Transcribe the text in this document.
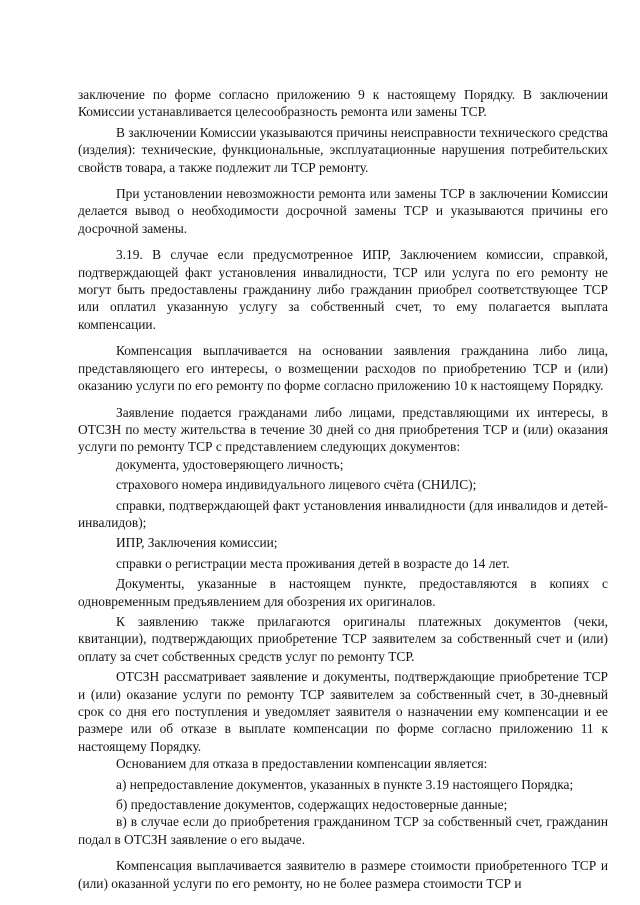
заключение по форме согласно приложению 9 к настоящему Порядку. В заключении Комиссии устанавливается целесообразность ремонта или замены ТСР.

В заключении Комиссии указываются причины неисправности технического средства (изделия): технические, функциональные, эксплуатационные нарушения потребительских свойств товара, а также подлежит ли ТСР ремонту.

При установлении невозможности ремонта или замены ТСР в заключении Комиссии делается вывод о необходимости досрочной замены ТСР и указываются причины его досрочной замены.

3.19. В случае если предусмотренное ИПР, Заключением комиссии, справкой, подтверждающей факт установления инвалидности, ТСР или услуга по его ремонту не могут быть предоставлены гражданину либо гражданин приобрел соответствующее ТСР или оплатил указанную услугу за собственный счет, то ему полагается выплата компенсации.

Компенсация выплачивается на основании заявления гражданина либо лица, представляющего его интересы, о возмещении расходов по приобретению ТСР и (или) оказанию услуги по его ремонту по форме согласно приложению 10 к настоящему Порядку.

Заявление подается гражданами либо лицами, представляющими их интересы, в ОТСЗН по месту жительства в течение 30 дней со дня приобретения ТСР и (или) оказания услуги по ремонту ТСР с представлением следующих документов:

документа, удостоверяющего личность;

страхового номера индивидуального лицевого счёта (СНИЛС);

справки, подтверждающей факт установления инвалидности (для инвалидов и детей-инвалидов);

ИПР, Заключения комиссии;

справки о регистрации места проживания детей в возрасте до 14 лет.

Документы, указанные в настоящем пункте, предоставляются в копиях с одновременным предъявлением для обозрения их оригиналов.

К заявлению также прилагаются оригиналы платежных документов (чеки, квитанции), подтверждающих приобретение ТСР заявителем за собственный счет и (или) оплату за счет собственных средств услуг по ремонту ТСР.

ОТСЗН рассматривает заявление и документы, подтверждающие приобретение ТСР и (или) оказание услуги по ремонту ТСР заявителем за собственный счет, в 30-дневный срок со дня его поступления и уведомляет заявителя о назначении ему компенсации и ее размере или об отказе в выплате компенсации по форме согласно приложению 11 к настоящему Порядку.

Основанием для отказа в предоставлении компенсации является:

а) непредоставление документов, указанных в пункте 3.19 настоящего Порядка;

б) предоставление документов, содержащих недостоверные данные;

в) в случае если до приобретения гражданином ТСР за собственный счет, гражданин подал в ОТСЗН заявление о его выдаче.

Компенсация выплачивается заявителю в размере стоимости приобретенного ТСР и (или) оказанной услуги по его ремонту, но не более размера стоимости ТСР и
